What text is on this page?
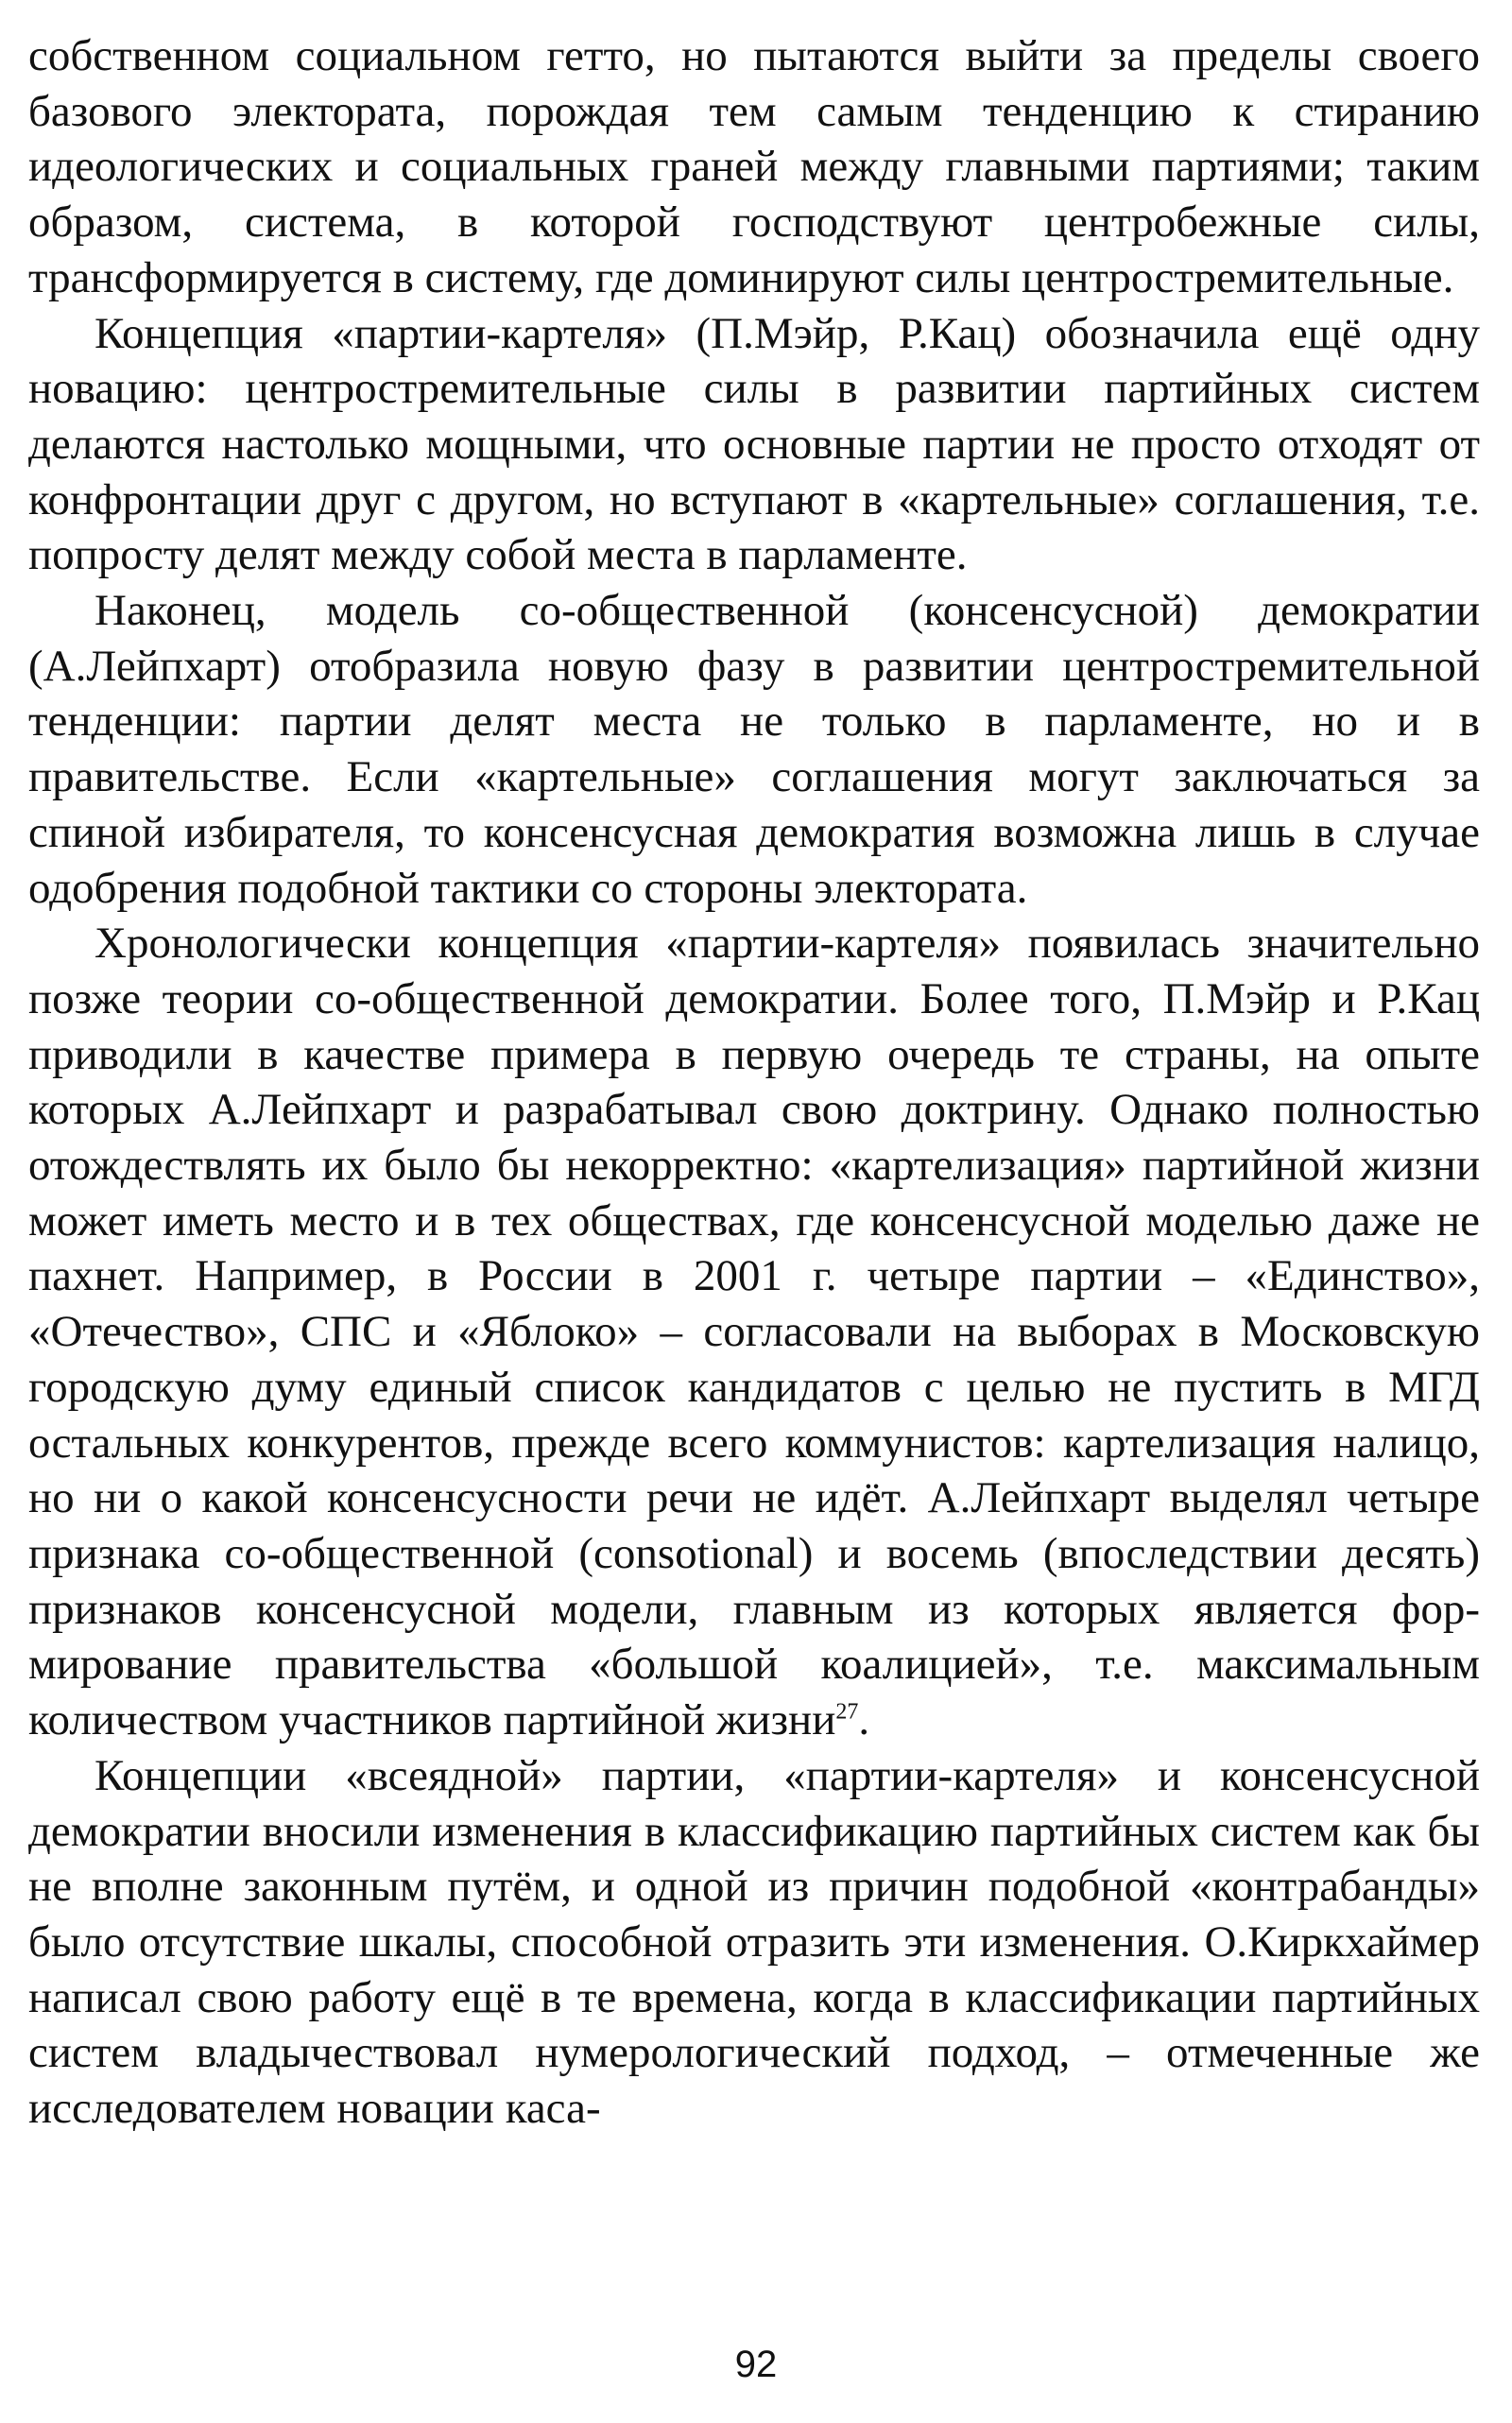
собственном социальном гетто, но пытаются выйти за пределы своего базового электората, порождая тем самым тенденцию к стиранию идеологических и социальных граней между главными партиями; таким образом, система, в которой господствуют центробежные силы, трансформируется в систему, где доминируют силы центростремительные.

Концепция «партии-картеля» (П.Мэйр, Р.Кац) обозначила ещё одну новацию: центростремительные силы в развитии партийных систем делаются настолько мощными, что основные партии не просто отходят от конфронтации друг с другом, но вступают в «картельные» соглашения, т.е. попросту делят между собой места в парламенте.

Наконец, модель со-общественной (консенсусной) демократии (А.Лейпхарт) отобразила новую фазу в развитии центростремительной тенденции: партии делят места не только в парламенте, но и в правительстве. Если «картельные» соглашения могут заключаться за спиной избирателя, то консенсусная демократия возможна лишь в случае одобрения подобной тактики со стороны электората.

Хронологически концепция «партии-картеля» появилась значительно позже теории со-общественной демократии. Более того, П.Мэйр и Р.Кац приводили в качестве примера в первую очередь те страны, на опыте которых А.Лейпхарт и разрабатывал свою доктрину. Однако полностью отождествлять их было бы некорректно: «картелизация» партийной жизни может иметь место и в тех обществах, где консенсусной моделью даже не пахнет. Например, в России в 2001 г. четыре партии – «Единство», «Отечество», СПС и «Яблоко» – согласовали на выборах в Московскую городскую думу единый список кандидатов с целью не пустить в МГД остальных конкурентов, прежде всего коммунистов: картелизация налицо, но ни о какой консенсусности речи не идёт. А.Лейпхарт выделял четыре признака со-общественной (consotional) и восемь (впоследствии десять) признаков консенсусной модели, главным из которых является формирование правительства «большой коалицией», т.е. максимальным количеством участников партийной жизни$^{27}$.

Концепции «всеядной» партии, «партии-картеля» и консенсусной демократии вносили изменения в классификацию партийных систем как бы не вполне законным путём, и одной из причин подобной «контрабанды» было отсутствие шкалы, способной отразить эти изменения. О.Киркхаймер написал свою работу ещё в те времена, когда в классификации партийных систем владычествовал нумерологический подход, – отмеченные же исследователем новации каса-

92
